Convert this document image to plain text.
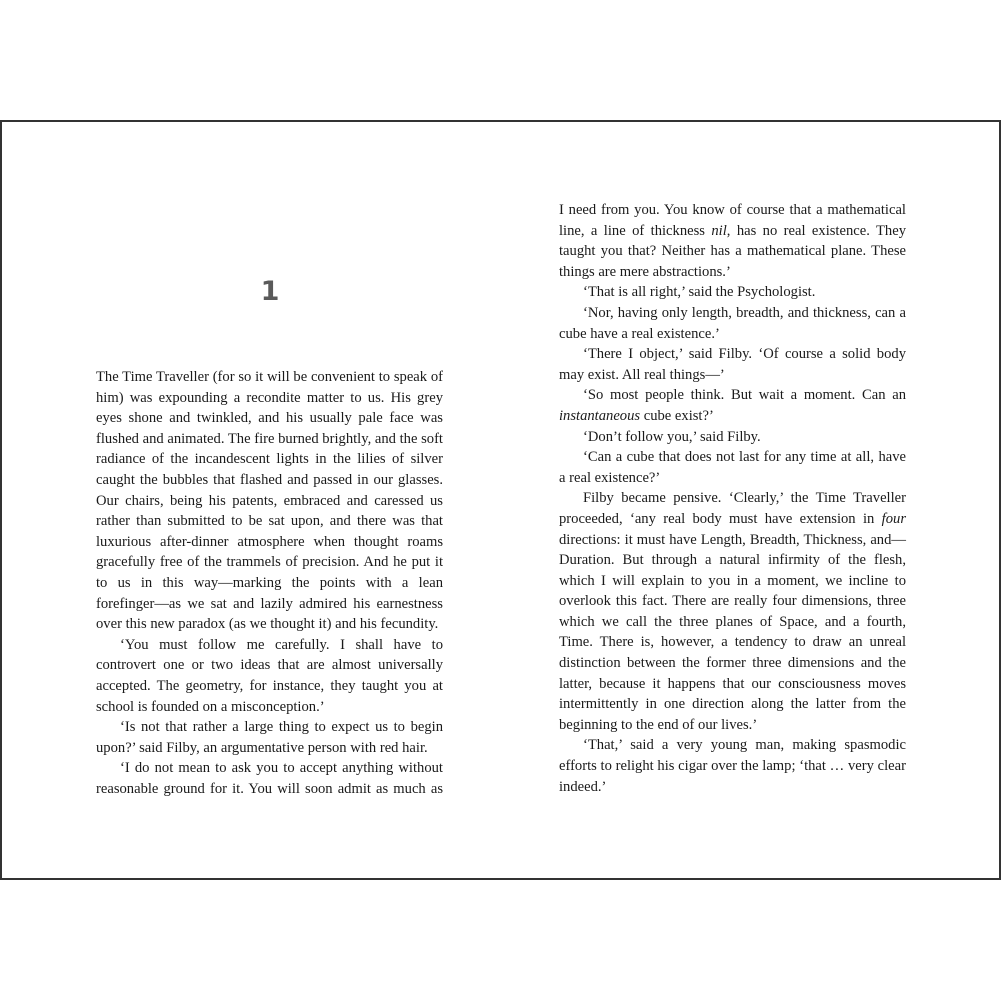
1

The Time Traveller (for so it will be convenient to speak of him) was expounding a recondite matter to us. His grey eyes shone and twinkled, and his usually pale face was flushed and animated. The fire burned brightly, and the soft radiance of the incandescent lights in the lilies of silver caught the bubbles that flashed and passed in our glasses. Our chairs, being his patents, embraced and caressed us rather than submitted to be sat upon, and there was that luxurious after-dinner atmosphere when thought roams gracefully free of the trammels of precision. And he put it to us in this way—marking the points with a lean forefinger—as we sat and lazily admired his earnestness over this new paradox (as we thought it) and his fecundity.

‘You must follow me carefully. I shall have to controvert one or two ideas that are almost universally accepted. The geometry, for instance, they taught you at school is founded on a misconception.’

‘Is not that rather a large thing to expect us to begin upon?’ said Filby, an argumentative person with red hair.

‘I do not mean to ask you to accept anything without reasonable ground for it. You will soon admit as much as

I need from you. You know of course that a mathematical line, a line of thickness nil, has no real existence. They taught you that? Neither has a mathematical plane. These things are mere abstractions.’

‘That is all right,’ said the Psychologist.

‘Nor, having only length, breadth, and thickness, can a cube have a real existence.’

‘There I object,’ said Filby. ‘Of course a solid body may exist. All real things—’

‘So most people think. But wait a moment. Can an instantaneous cube exist?’

‘Don’t follow you,’ said Filby.

‘Can a cube that does not last for any time at all, have a real existence?’

Filby became pensive. ‘Clearly,’ the Time Traveller proceeded, ‘any real body must have extension in four directions: it must have Length, Breadth, Thickness, and—Duration. But through a natural infirmity of the flesh, which I will explain to you in a moment, we incline to overlook this fact. There are really four dimensions, three which we call the three planes of Space, and a fourth, Time. There is, however, a tendency to draw an unreal distinction between the former three dimensions and the latter, because it happens that our consciousness moves intermittently in one direction along the latter from the beginning to the end of our lives.’

‘That,’ said a very young man, making spasmodic efforts to relight his cigar over the lamp; ‘that … very clear indeed.’
